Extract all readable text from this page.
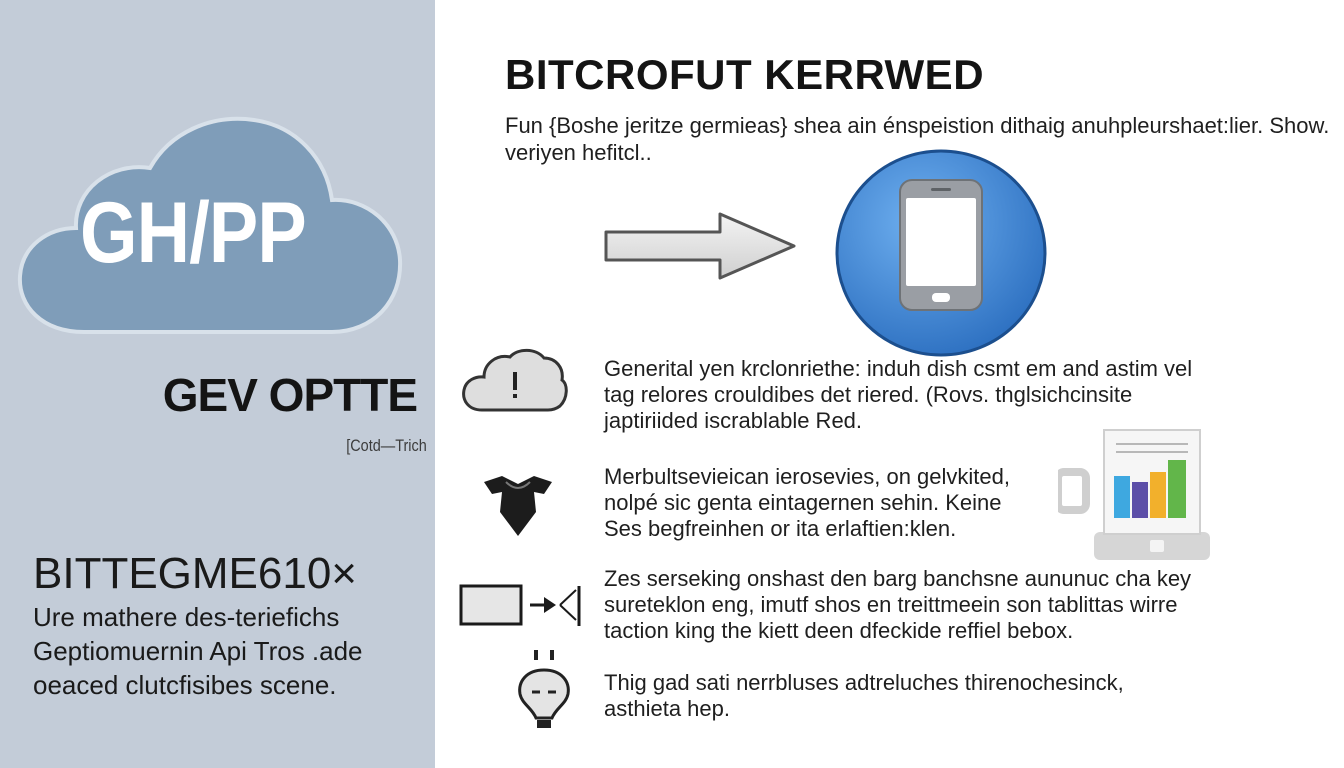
GH/PP
GEV OPTTE
[Cotd—Trich
BITTEGME610×
Ure mathere des-teriefichs
Geptiomuernin Api Tros .ade
oeaced clutcfisibes scene.
BITCROFUT KERRWED
Fun {Boshe jeritze germieas} shea ain énspeistion dithaig anuhpleurshaet:lier. Show.
veriyen hefitcl..
Generital yen krclonriethe: induh dish csmt em and astim vel
tag relores crouldibes det riered. (Rovs. thglsichcinsite
japtiriided iscrablable Red.
Merbultsevieican ierosevies, on gelvkited,
nolpé sic genta eintagernen sehin. Keine
Ses begfreinhen or ita erlaftien:klen.
Zes serseking onshast den barg banchsne aununuc cha key
sureteklon eng, imutf shos en treittmeein son tablittas wirre
taction king the kiett deen dfeckide reffiel bebox.
Thig gad sati nerrbluses adtreluches thirenochesinck,
asthieta hep.
